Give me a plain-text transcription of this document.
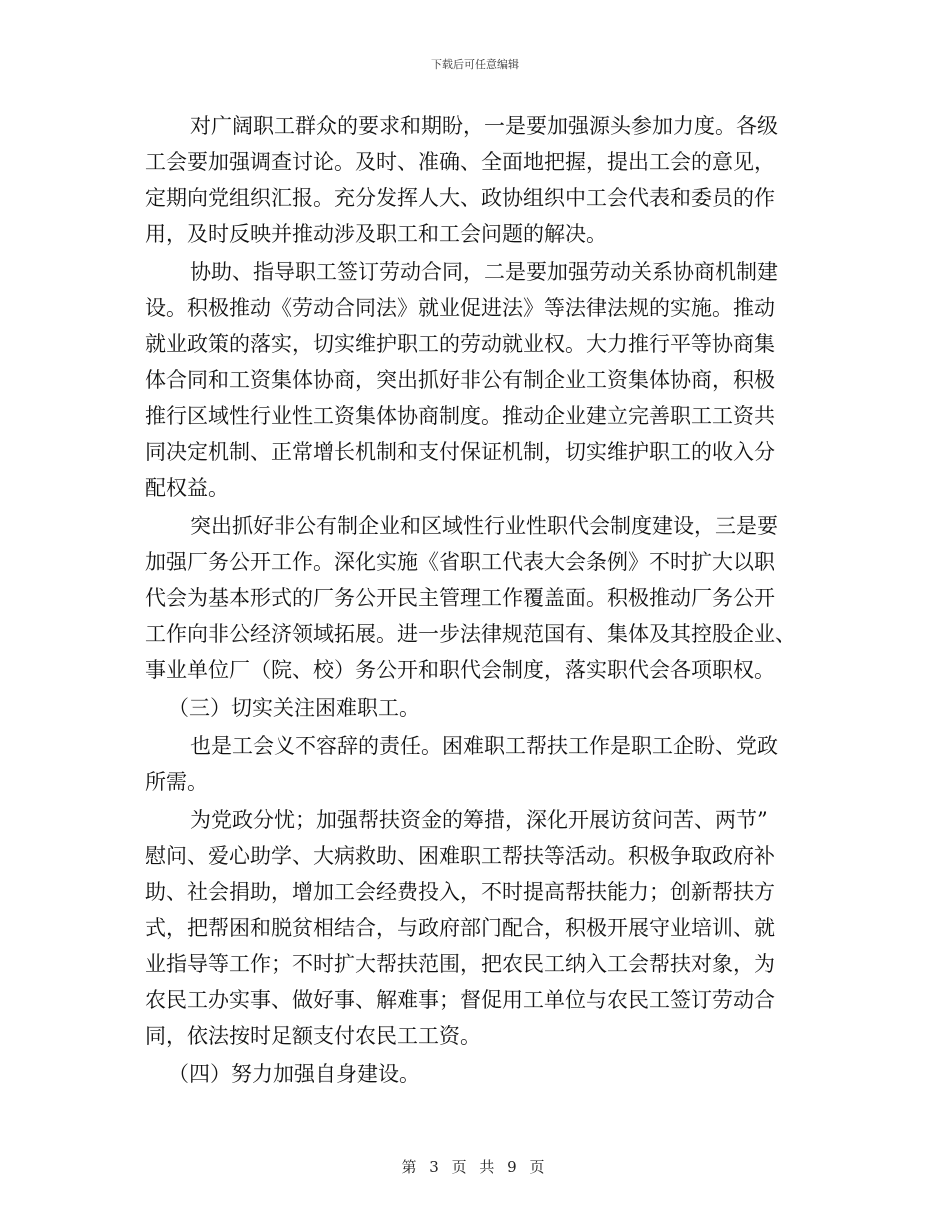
下载后可任意编辑

对广阔职工群众的要求和期盼，一是要加强源头参加力度。各级

工会要加强调查讨论。及时、准确、全面地把握，提出工会的意见，

定期向党组织汇报。充分发挥人大、政协组织中工会代表和委员的作

用，及时反映并推动涉及职工和工会问题的解决。

协助、指导职工签订劳动合同，二是要加强劳动关系协商机制建

设。积极推动《劳动合同法》就业促进法》等法律法规的实施。推动

就业政策的落实，切实维护职工的劳动就业权。大力推行平等协商集

体合同和工资集体协商，突出抓好非公有制企业工资集体协商，积极

推行区域性行业性工资集体协商制度。推动企业建立完善职工工资共

同决定机制、正常增长机制和支付保证机制，切实维护职工的收入分

配权益。

突出抓好非公有制企业和区域性行业性职代会制度建设，三是要

加强厂务公开工作。深化实施《省职工代表大会条例》不时扩大以职

代会为基本形式的厂务公开民主管理工作覆盖面。积极推动厂务公开

工作向非公经济领域拓展。进一步法律规范国有、集体及其控股企业、

事业单位厂（院、校）务公开和职代会制度，落实职代会各项职权。

（三）切实关注困难职工。

也是工会义不容辞的责任。困难职工帮扶工作是职工企盼、党政

所需。

为党政分忧；加强帮扶资金的筹措，深化开展访贫问苦、两节”

慰问、爱心助学、大病救助、困难职工帮扶等活动。积极争取政府补

助、社会捐助，增加工会经费投入，不时提高帮扶能力；创新帮扶方

式，把帮困和脱贫相结合，与政府部门配合，积极开展守业培训、就

业指导等工作；不时扩大帮扶范围，把农民工纳入工会帮扶对象，为

农民工办实事、做好事、解难事；督促用工单位与农民工签订劳动合

同，依法按时足额支付农民工工资。

（四）努力加强自身建设。

第 3 页 共 9 页
